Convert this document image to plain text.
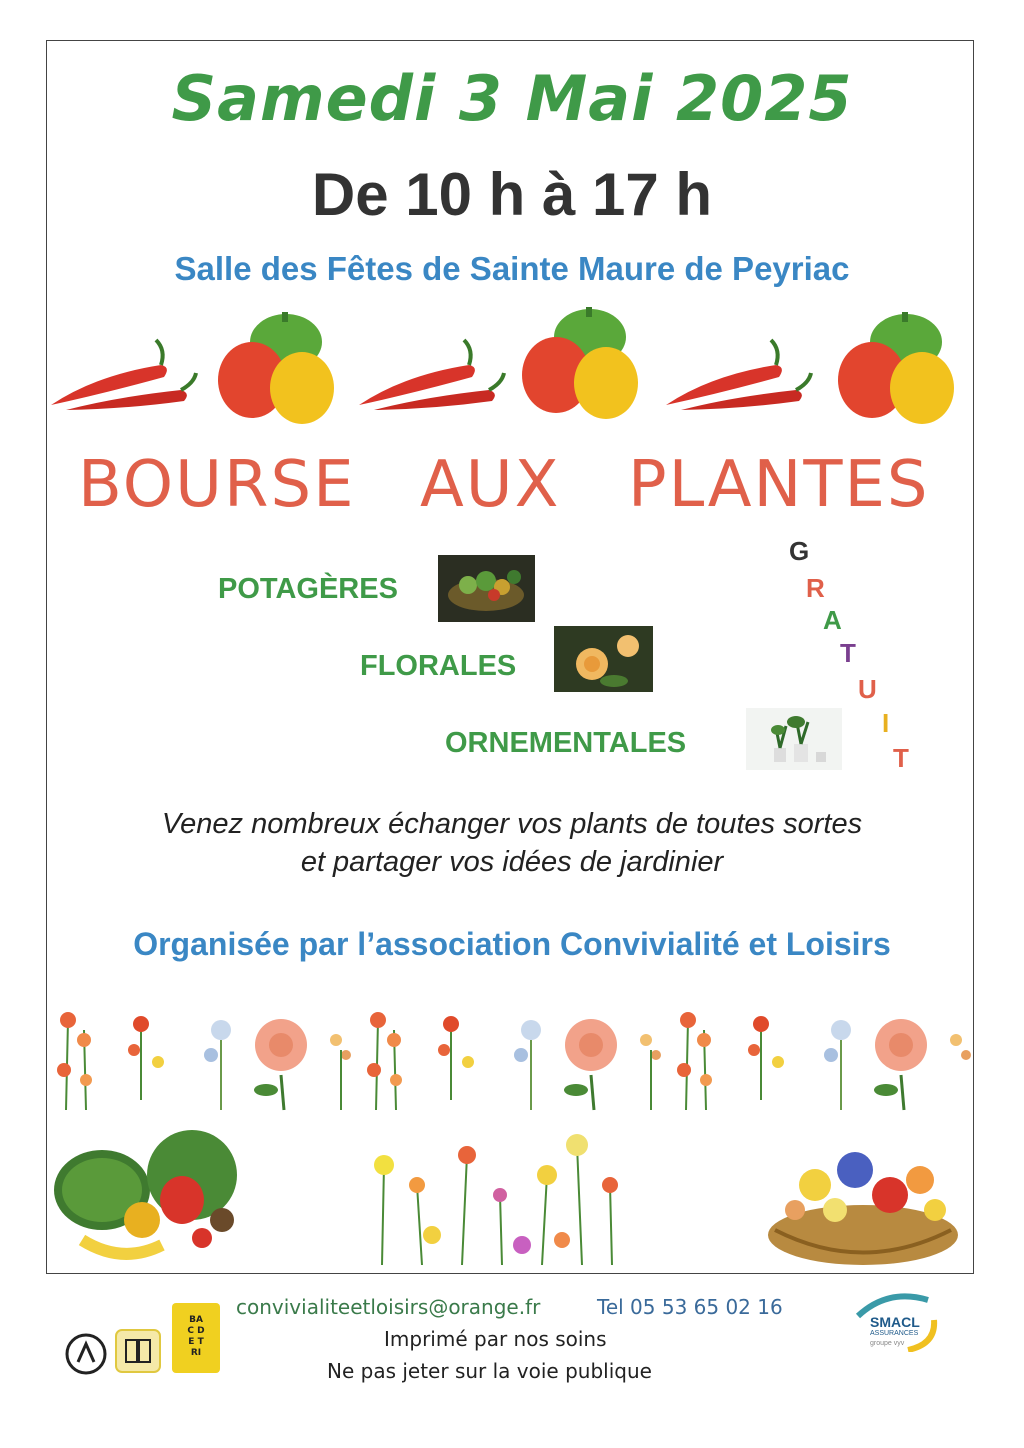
Samedi 3 Mai 2025
De 10 h à 17 h
Salle des Fêtes de Sainte Maure de Peyriac
BOURSE AUX PLANTES
POTAGÈRES
FLORALES
ORNEMENTALES
G
R
A
T
U
I
T
Venez nombreux échanger vos plants de toutes sortes
et partager vos idées de jardinier
Organisée par l’association Convivialité et Loisirs
convivialiteetloisirs@orange.fr	Tel 05 53 65 02 16
Imprimé par nos soins
Ne pas jeter sur la voie publique
BAC DE TRI
SMACL
ASSURANCES
groupe vyv
